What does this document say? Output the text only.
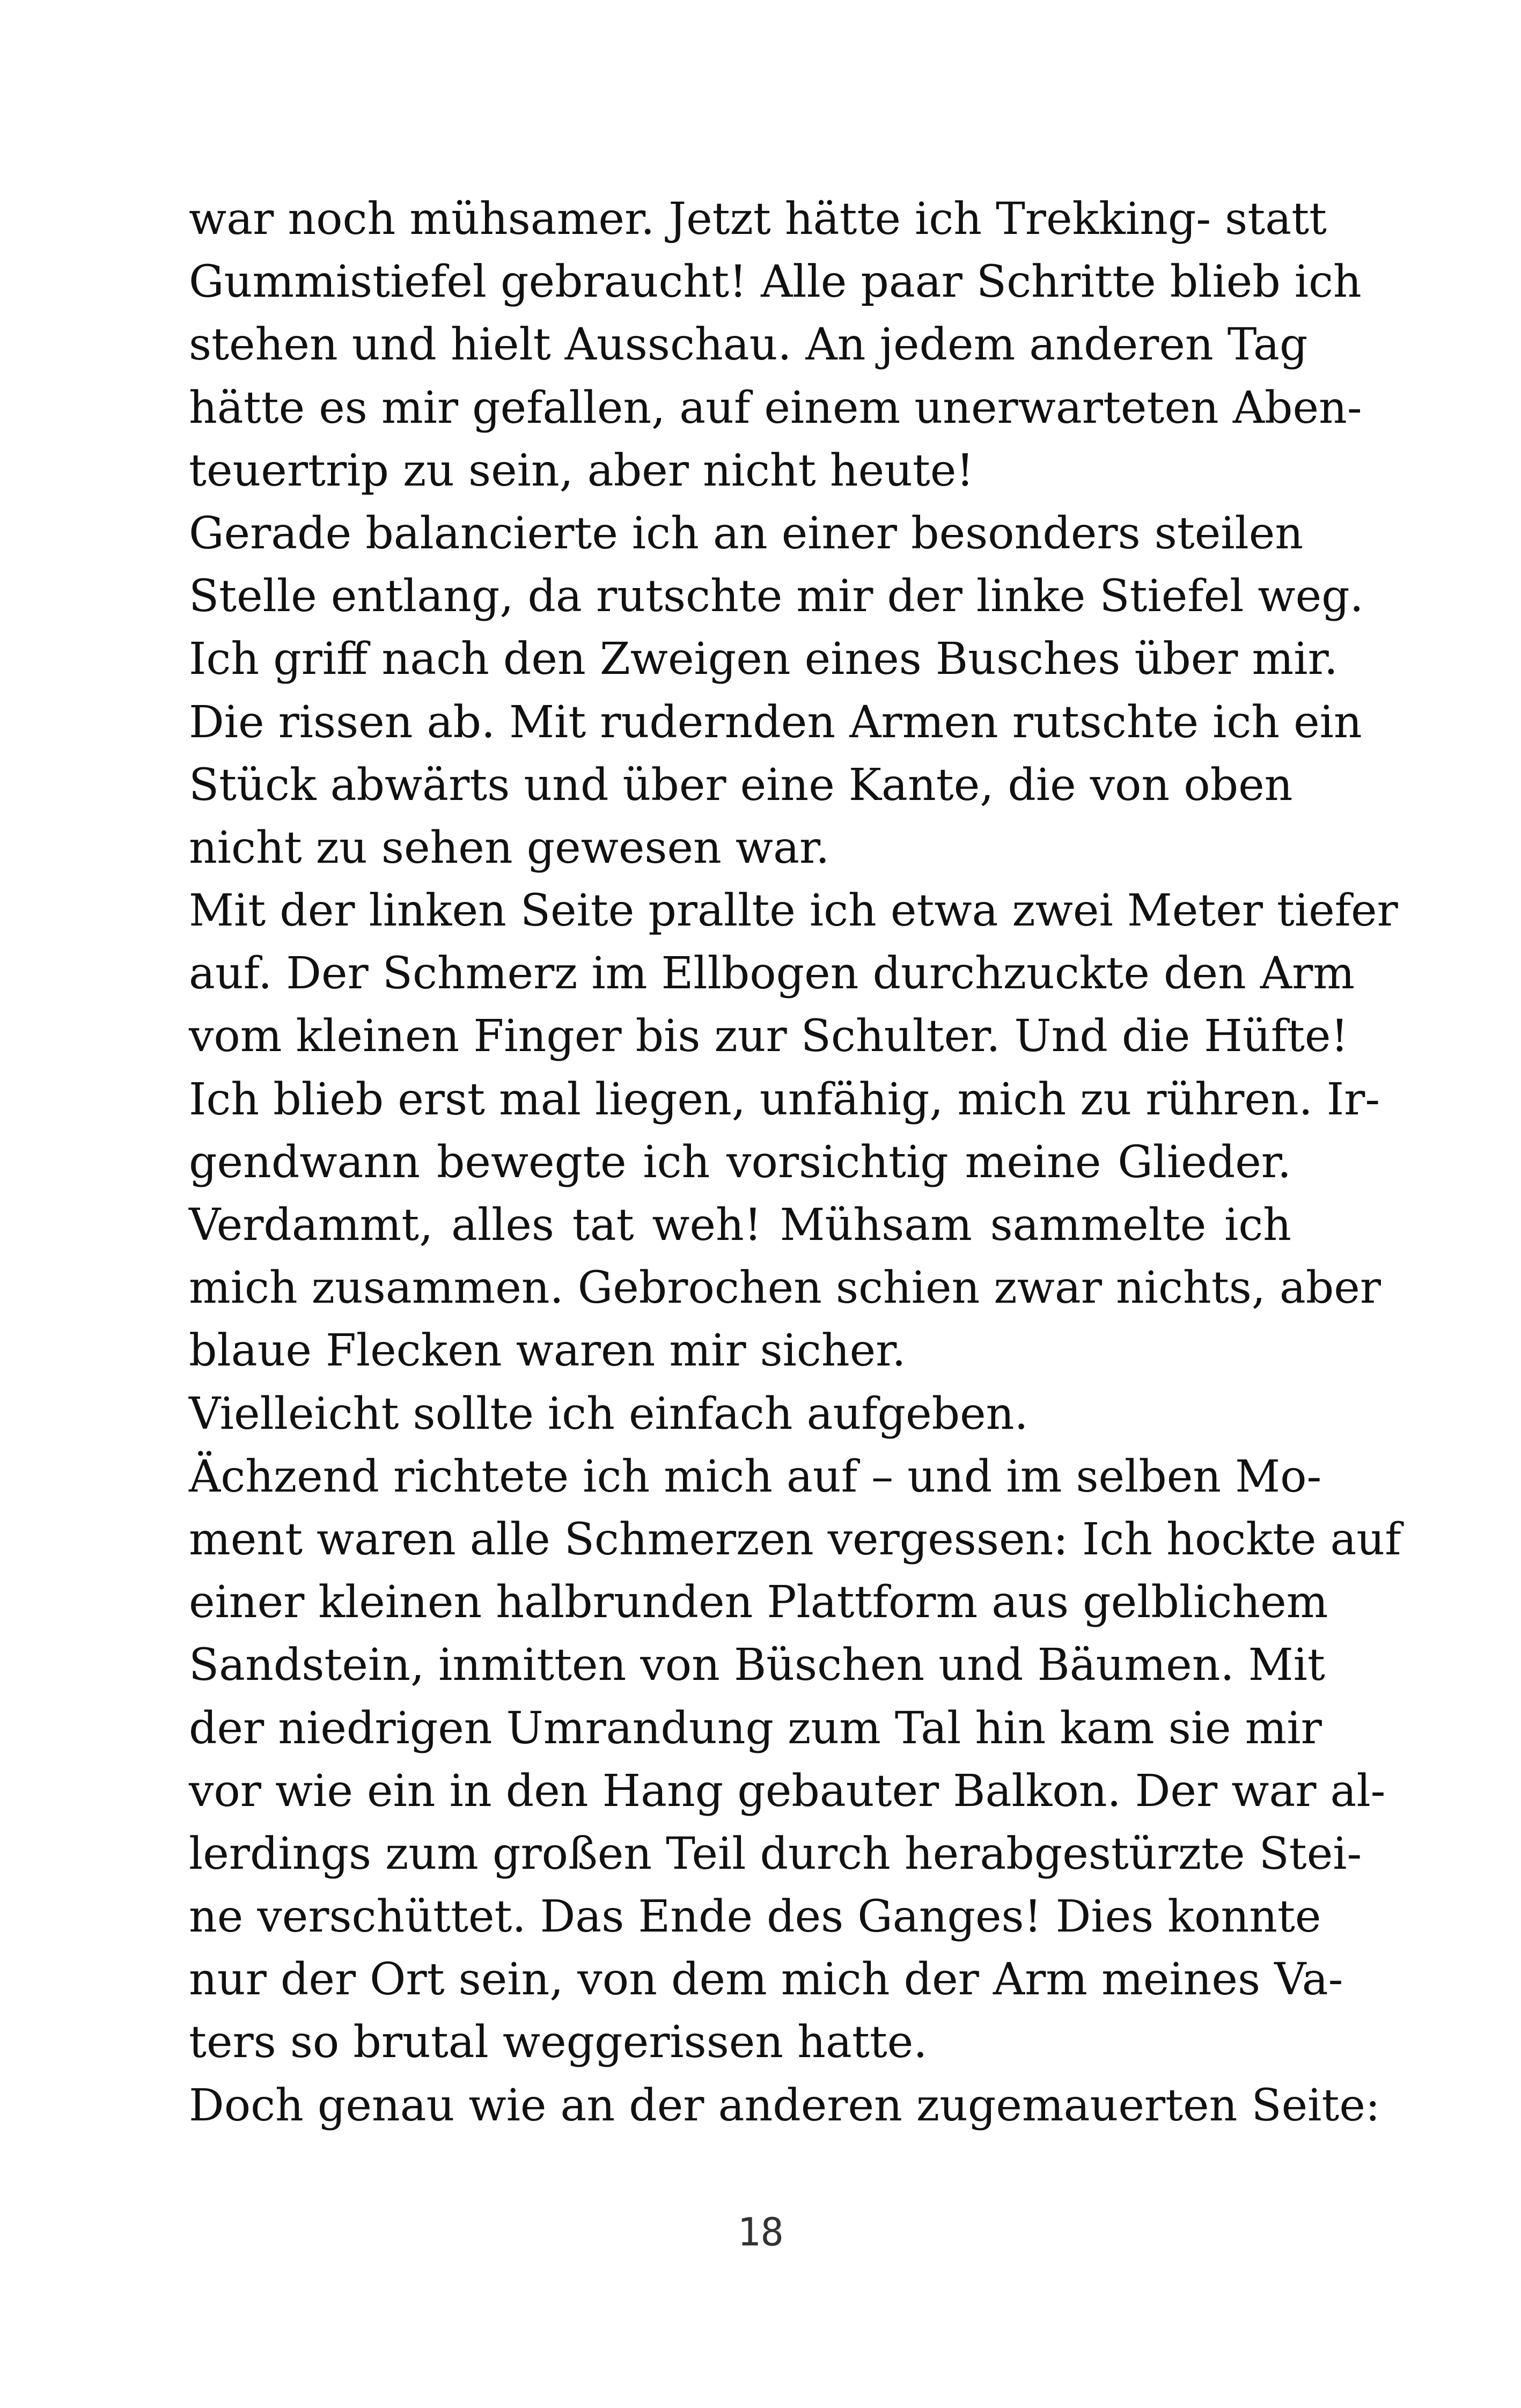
war noch mühsamer. Jetzt hätte ich Trekking- statt
Gummistiefel gebraucht! Alle paar Schritte blieb ich
stehen und hielt Ausschau. An jedem anderen Tag
hätte es mir gefallen, auf einem unerwarteten Aben-
teuertrip zu sein, aber nicht heute!
Gerade balancierte ich an einer besonders steilen
Stelle entlang, da rutschte mir der linke Stiefel weg.
Ich griff nach den Zweigen eines Busches über mir.
Die rissen ab. Mit rudernden Armen rutschte ich ein
Stück abwärts und über eine Kante, die von oben
nicht zu sehen gewesen war.
Mit der linken Seite prallte ich etwa zwei Meter tiefer
auf. Der Schmerz im Ellbogen durchzuckte den Arm
vom kleinen Finger bis zur Schulter. Und die Hüfte!
Ich blieb erst mal liegen, unfähig, mich zu rühren. Ir-
gendwann bewegte ich vorsichtig meine Glieder.
Verdammt, alles tat weh! Mühsam sammelte ich
mich zusammen. Gebrochen schien zwar nichts, aber
blaue Flecken waren mir sicher.
Vielleicht sollte ich einfach aufgeben.
Ächzend richtete ich mich auf – und im selben Mo-
ment waren alle Schmerzen vergessen: Ich hockte auf
einer kleinen halbrunden Plattform aus gelblichem
Sandstein, inmitten von Büschen und Bäumen. Mit
der niedrigen Umrandung zum Tal hin kam sie mir
vor wie ein in den Hang gebauter Balkon. Der war al-
lerdings zum großen Teil durch herabgestürzte Stei-
ne verschüttet. Das Ende des Ganges! Dies konnte
nur der Ort sein, von dem mich der Arm meines Va-
ters so brutal weggerissen hatte.
Doch genau wie an der anderen zugemauerten Seite:
18
